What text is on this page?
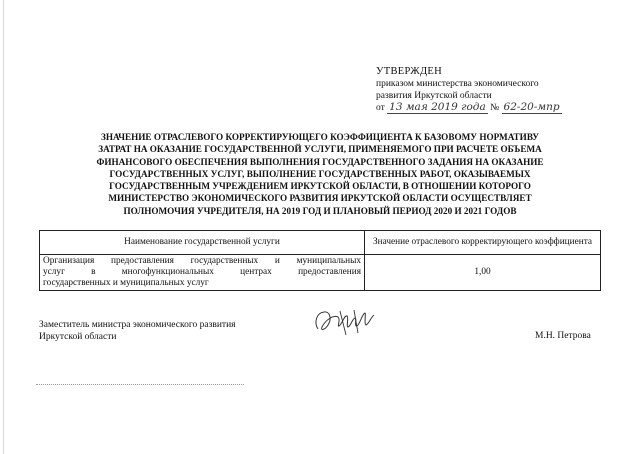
УТВЕРЖДЕН
приказом министерства экономического
развития Иркутской области
от 13 мая 2019 года № 62-20-мпр
ЗНАЧЕНИЕ ОТРАСЛЕВОГО КОРРЕКТИРУЮЩЕГО КОЭФФИЦИЕНТА К БАЗОВОМУ НОРМАТИВУ
ЗАТРАТ НА ОКАЗАНИЕ ГОСУДАРСТВЕННОЙ УСЛУГИ, ПРИМЕНЯЕМОГО ПРИ РАСЧЕТЕ ОБЪЕМА
ФИНАНСОВОГО ОБЕСПЕЧЕНИЯ ВЫПОЛНЕНИЯ ГОСУДАРСТВЕННОГО ЗАДАНИЯ НА ОКАЗАНИЕ
ГОСУДАРСТВЕННЫХ УСЛУГ, ВЫПОЛНЕНИЕ ГОСУДАРСТВЕННЫХ РАБОТ, ОКАЗЫВАЕМЫХ
ГОСУДАРСТВЕННЫМ УЧРЕЖДЕНИЕМ ИРКУТСКОЙ ОБЛАСТИ, В ОТНОШЕНИИ КОТОРОГО
МИНИСТЕРСТВО ЭКОНОМИЧЕСКОГО РАЗВИТИЯ ИРКУТСКОЙ ОБЛАСТИ ОСУЩЕСТВЛЯЕТ
ПОЛНОМОЧИЯ УЧРЕДИТЕЛЯ, НА 2019 ГОД И ПЛАНОВЫЙ ПЕРИОД 2020 И 2021 ГОДОВ
Наименование государственной услуги	Значение отраслевого корректирующего коэффициента

Организация предоставления государственных и муниципальных
услуг в многофункциональных центрах предоставления
государственных и муниципальных услуг	1,00
Заместитель министра экономического развития
Иркутской области	М.Н. Петрова
